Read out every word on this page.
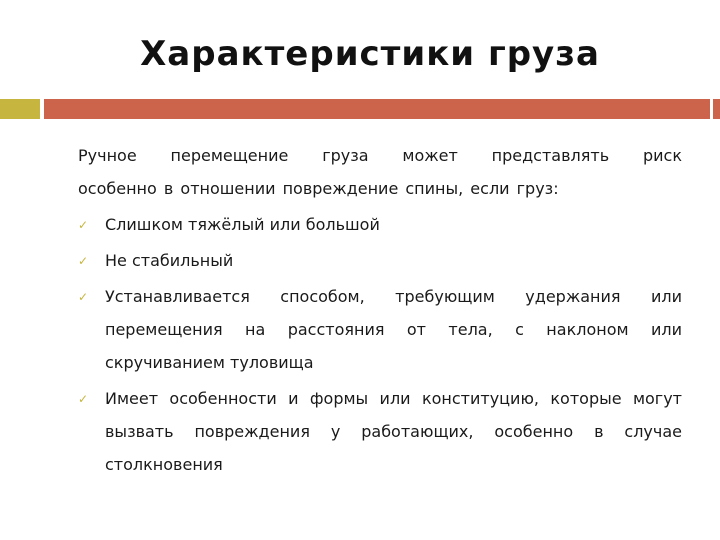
Характеристики груза

Ручное перемещение груза может представлять риск
особенно в отношении повреждение спины, если груз:

✓ Слишком тяжёлый или большой
✓ Не стабильный
✓ Устанавливается способом, требующим удержания или перемещения на расстояния от тела, с наклоном или скручиванием туловища
✓ Имеет особенности и формы или конституцию, которые могут вызвать повреждения у работающих, особенно в случае столкновения
